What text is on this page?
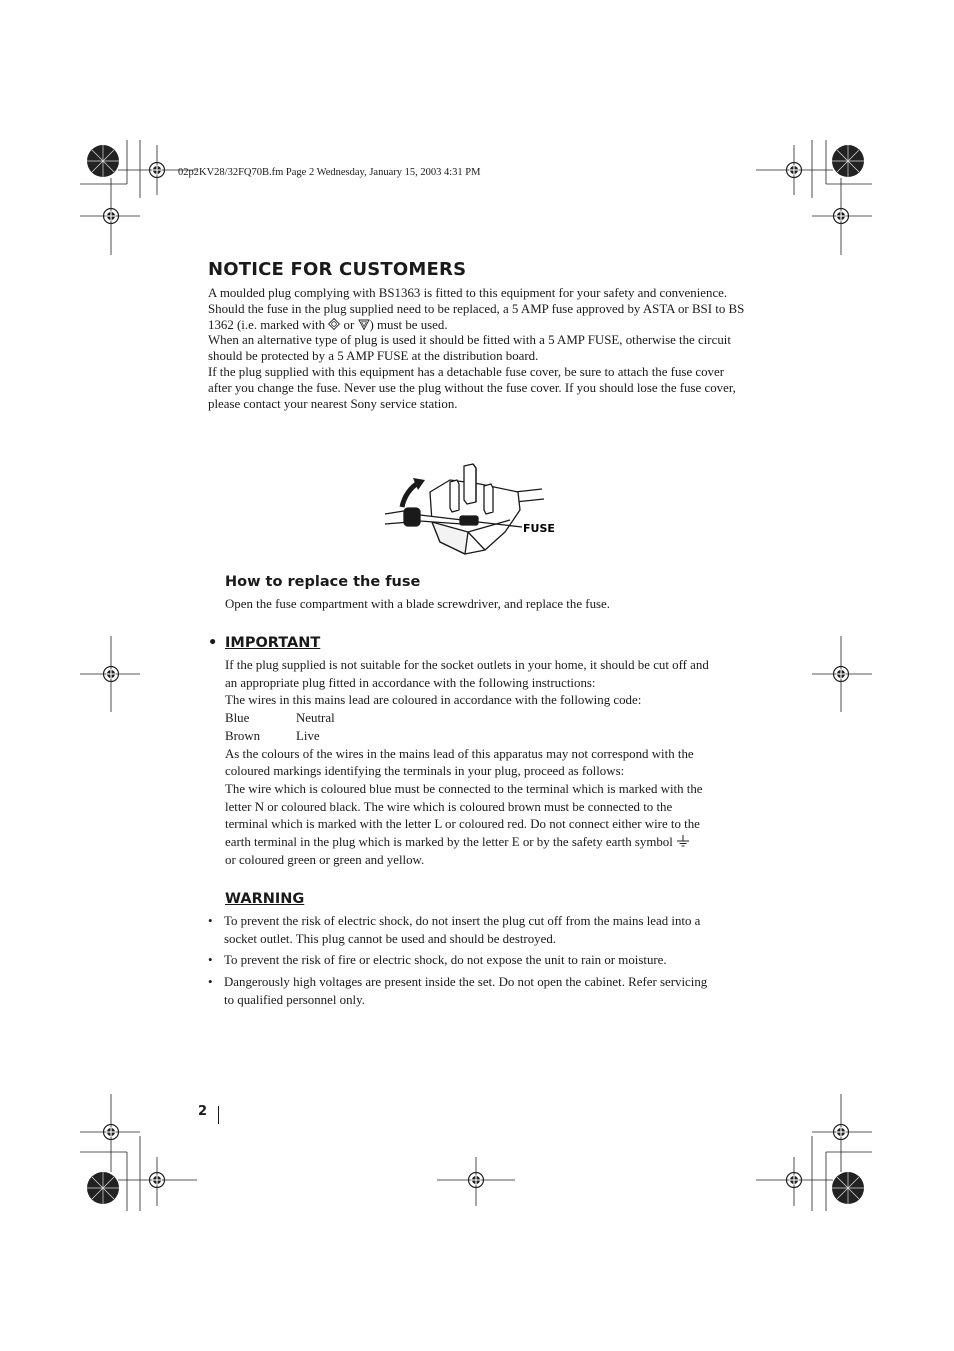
02p2KV28/32FQ70B.fm Page 2 Wednesday, January 15, 2003 4:31 PM
NOTICE FOR CUSTOMERS

A moulded plug complying with BS1363 is fitted to this equipment for your safety and convenience.

Should the fuse in the plug supplied need to be replaced, a 5 AMP fuse approved by ASTA or BSI to BS 1362 (i.e. marked with or ) must be used.

When an alternative type of plug is used it should be fitted with a 5 AMP FUSE, otherwise the circuit should be protected by a 5 AMP FUSE at the distribution board.

If the plug supplied with this equipment has a detachable fuse cover, be sure to attach the fuse cover after you change the fuse. Never use the plug without the fuse cover. If you should lose the fuse cover, please contact your nearest Sony service station.

FUSE
How to replace the fuse
Open the fuse compartment with a blade screwdriver, and replace the fuse.
• IMPORTANT

If the plug supplied is not suitable for the socket outlets in your home, it should be cut off and

an appropriate plug fitted in accordance with the following instructions:

The wires in this mains lead are coloured in accordance with the following code:

Blue	Neutral

Brown	Live

As the colours of the wires in the mains lead of this apparatus may not correspond with the

coloured markings identifying the terminals in your plug, proceed as follows:

The wire which is coloured blue must be connected to the terminal which is marked with the

letter N or coloured black. The wire which is coloured brown must be connected to the

terminal which is marked with the letter L or coloured red. Do not connect either wire to the

earth terminal in the plug which is marked by the letter E or by the safety earth symbol

or coloured green or green and yellow.

WARNING
• To prevent the risk of electric shock, do not insert the plug cut off from the mains lead into a
socket outlet. This plug cannot be used and should be destroyed.
• To prevent the risk of fire or electric shock, do not expose the unit to rain or moisture.
• Dangerously high voltages are present inside the set. Do not open the cabinet. Refer servicing
to qualified personnel only.
2
